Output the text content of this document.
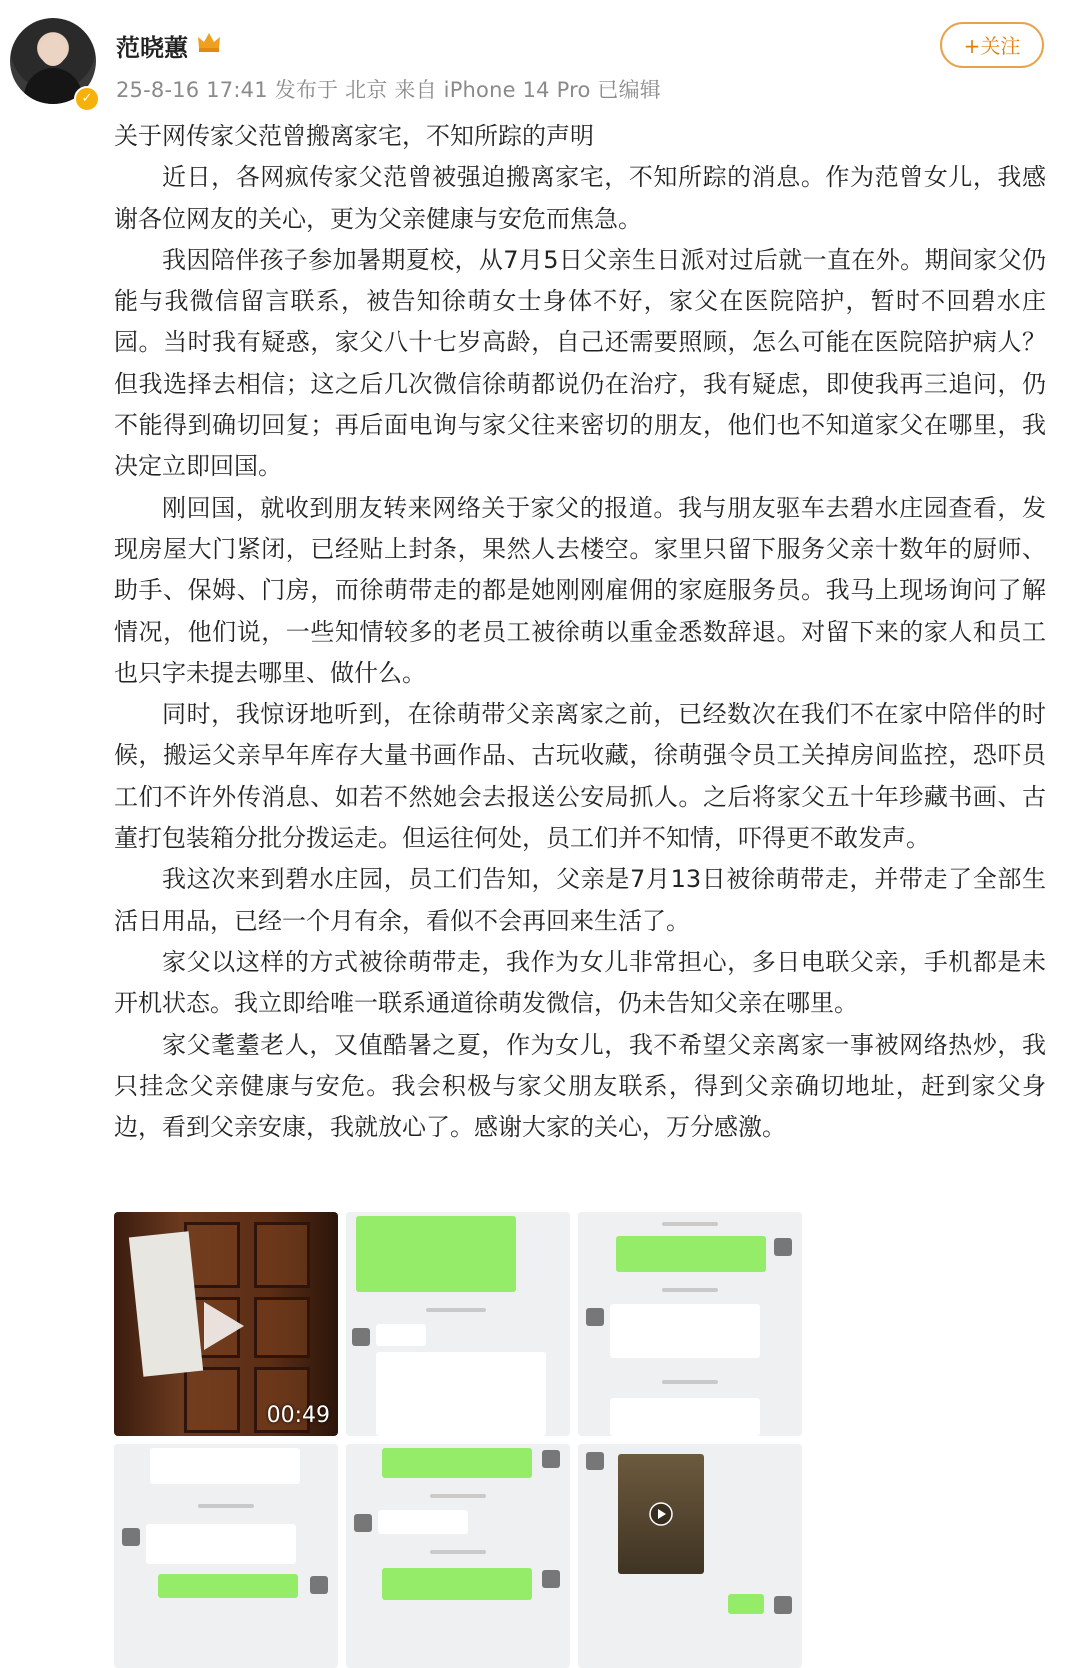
✓
范晓蕙
25-8-16 17:41 发布于 北京 来自 iPhone 14 Pro 已编辑
+关注

关于网传家父范曾搬离家宅，不知所踪的声明

近日，各网疯传家父范曾被强迫搬离家宅，不知所踪的消息。作为范曾女儿，我感谢各位网友的关心，更为父亲健康与安危而焦急。

我因陪伴孩子参加暑期夏校，从7月5日父亲生日派对过后就一直在外。期间家父仍能与我微信留言联系，被告知徐萌女士身体不好，家父在医院陪护，暂时不回碧水庄园。当时我有疑惑，家父八十七岁高龄，自己还需要照顾，怎么可能在医院陪护病人？但我选择去相信；这之后几次微信徐萌都说仍在治疗，我有疑虑，即使我再三追问，仍不能得到确切回复；再后面电询与家父往来密切的朋友，他们也不知道家父在哪里，我决定立即回国。

刚回国，就收到朋友转来网络关于家父的报道。我与朋友驱车去碧水庄园查看，发现房屋大门紧闭，已经贴上封条，果然人去楼空。家里只留下服务父亲十数年的厨师、助手、保姆、门房，而徐萌带走的都是她刚刚雇佣的家庭服务员。我马上现场询问了解情况，他们说，一些知情较多的老员工被徐萌以重金悉数辞退。对留下来的家人和员工也只字未提去哪里、做什么。

同时，我惊讶地听到，在徐萌带父亲离家之前，已经数次在我们不在家中陪伴的时候，搬运父亲早年库存大量书画作品、古玩收藏，徐萌强令员工关掉房间监控，恐吓员工们不许外传消息、如若不然她会去报送公安局抓人。之后将家父五十年珍藏书画、古董打包装箱分批分拨运走。但运往何处，员工们并不知情，吓得更不敢发声。

我这次来到碧水庄园，员工们告知，父亲是7月13日被徐萌带走，并带走了全部生活日用品，已经一个月有余，看似不会再回来生活了。

家父以这样的方式被徐萌带走，我作为女儿非常担心，多日电联父亲，手机都是未开机状态。我立即给唯一联系通道徐萌发微信，仍未告知父亲在哪里。

家父耄耋老人，又值酷暑之夏，作为女儿，我不希望父亲离家一事被网络热炒，我只挂念父亲健康与安危。我会积极与家父朋友联系，得到父亲确切地址，赶到家父身边，看到父亲安康，我就放心了。感谢大家的关心，万分感激。

00:49
